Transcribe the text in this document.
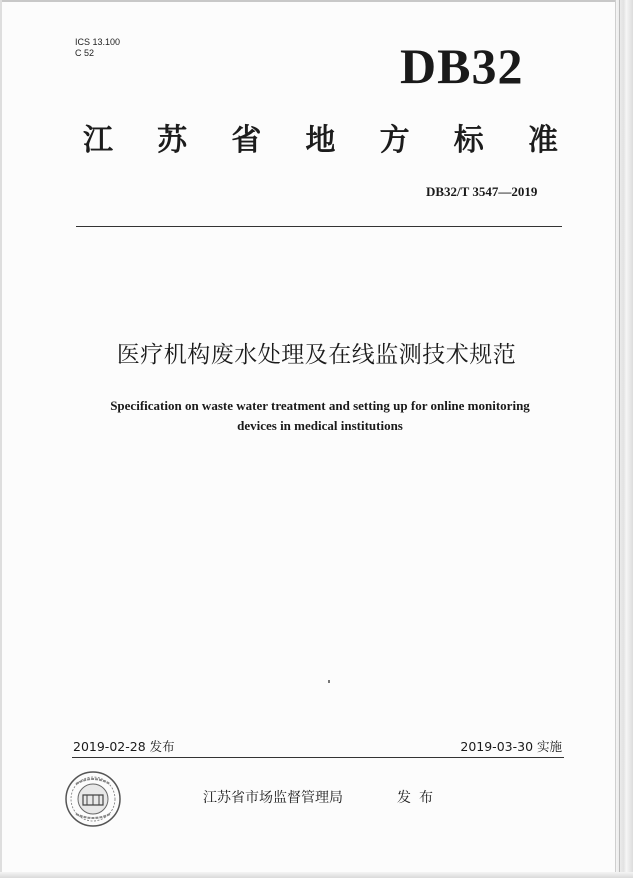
ICS 13.100
C 52	DB32
江 苏 省 地 方 标 准
DB32/T 3547—2019
医疗机构废水处理及在线监测技术规范
Specification on waste water treatment and setting up for online monitoring
devices in medical institutions
2019-02-28 发布	2019-03-30 实施
江苏省市场监督管理局	发布
